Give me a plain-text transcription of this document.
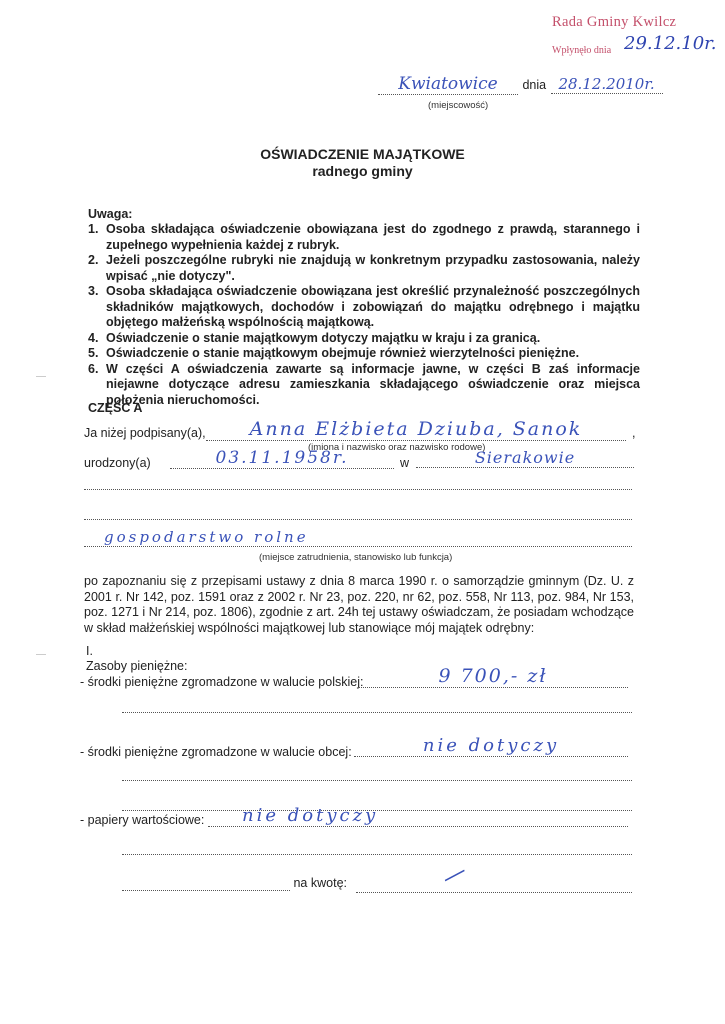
Rada Gminy Kwilcz
Wpłynęło dnia 29.12.10r.
Kwiatowice dnia 28.12.2010r.
(miejscowość)
OŚWIADCZENIE MAJĄTKOWE
radnego gminy
Uwaga:
1. Osoba składająca oświadczenie obowiązana jest do zgodnego z prawdą, starannego i zupełnego wypełnienia każdej z rubryk.
2. Jeżeli poszczególne rubryki nie znajdują w konkretnym przypadku zastosowania, należy wpisać „nie dotyczy".
3. Osoba składająca oświadczenie obowiązana jest określić przynależność poszczególnych składników majątkowych, dochodów i zobowiązań do majątku odrębnego i majątku objętego małżeńską wspólnością majątkową.
4. Oświadczenie o stanie majątkowym dotyczy majątku w kraju i za granicą.
5. Oświadczenie o stanie majątkowym obejmuje również wierzytelności pieniężne.
6. W części A oświadczenia zawarte są informacje jawne, w części B zaś informacje niejawne dotyczące adresu zamieszkania składającego oświadczenie oraz miejsca położenia nieruchomości.
CZĘŚĆ A
Ja niżej podpisany(a),	Anna Elżbieta Dziuba, Sanok	,
(imiona i nazwisko oraz nazwisko rodowe)
urodzony(a)	03.11.1958r.	w	Sierakowie
gospodarstwo rolne
(miejsce zatrudnienia, stanowisko lub funkcja)
po zapoznaniu się z przepisami ustawy z dnia 8 marca 1990 r. o samorządzie gminnym (Dz. U. z 2001 r. Nr 142, poz. 1591 oraz z 2002 r. Nr 23, poz. 220, nr 62, poz. 558, Nr 113, poz. 984, Nr 153, poz. 1271 i Nr 214, poz. 1806), zgodnie z art. 24h tej ustawy oświadczam, że posiadam wchodzące w skład małżeńskiej wspólności majątkowej lub stanowiące mój majątek odrębny:
I.
Zasoby pieniężne:
- środki pieniężne zgromadzone w walucie polskiej:	9 700,- zł
- środki pieniężne zgromadzone w walucie obcej:	nie dotyczy
- papiery wartościowe:	nie dotyczy
na kwotę:	—
